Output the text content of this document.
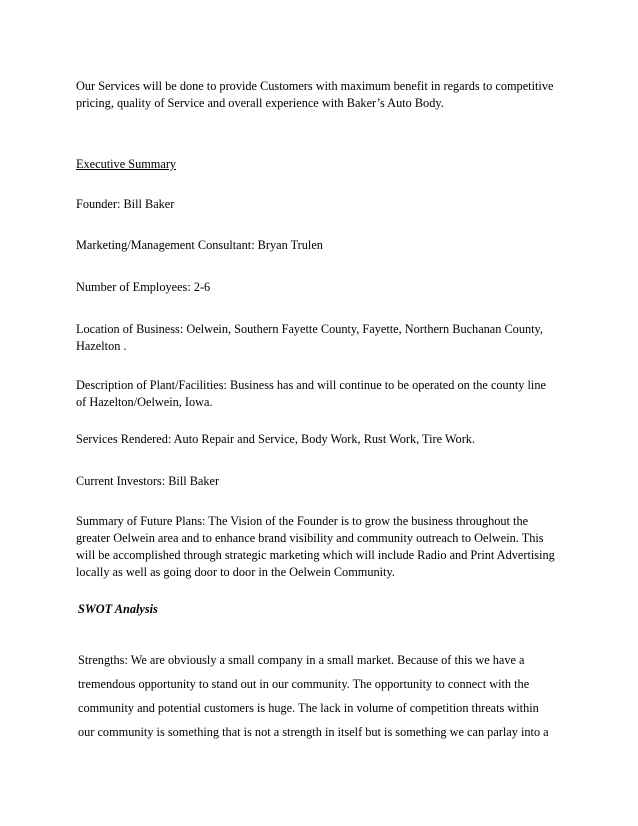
Our Services will be done to provide Customers with maximum benefit in regards to competitive
pricing, quality of Service and overall experience with Baker’s Auto Body.

Executive Summary

Founder: Bill Baker

Marketing/Management Consultant: Bryan Trulen

Number of Employees: 2-6

Location of Business: Oelwein, Southern Fayette County, Fayette, Northern Buchanan County,
Hazelton .

Description of Plant/Facilities: Business has and will continue to be operated on the county line
of Hazelton/Oelwein, Iowa.

Services Rendered: Auto Repair and Service, Body Work, Rust Work, Tire Work.

Current Investors: Bill Baker

Summary of Future Plans: The Vision of the Founder is to grow the business throughout the
greater Oelwein area and to enhance brand visibility and community outreach to Oelwein. This
will be accomplished through strategic marketing which will include Radio and Print Advertising
locally as well as going door to door in the Oelwein Community.

SWOT Analysis

Strengths: We are obviously a small company in a small market. Because of this we have a
tremendous opportunity to stand out in our community. The opportunity to connect with the
community and potential customers is huge. The lack in volume of competition threats within
our community is something that is not a strength in itself but is something we can parlay into a
